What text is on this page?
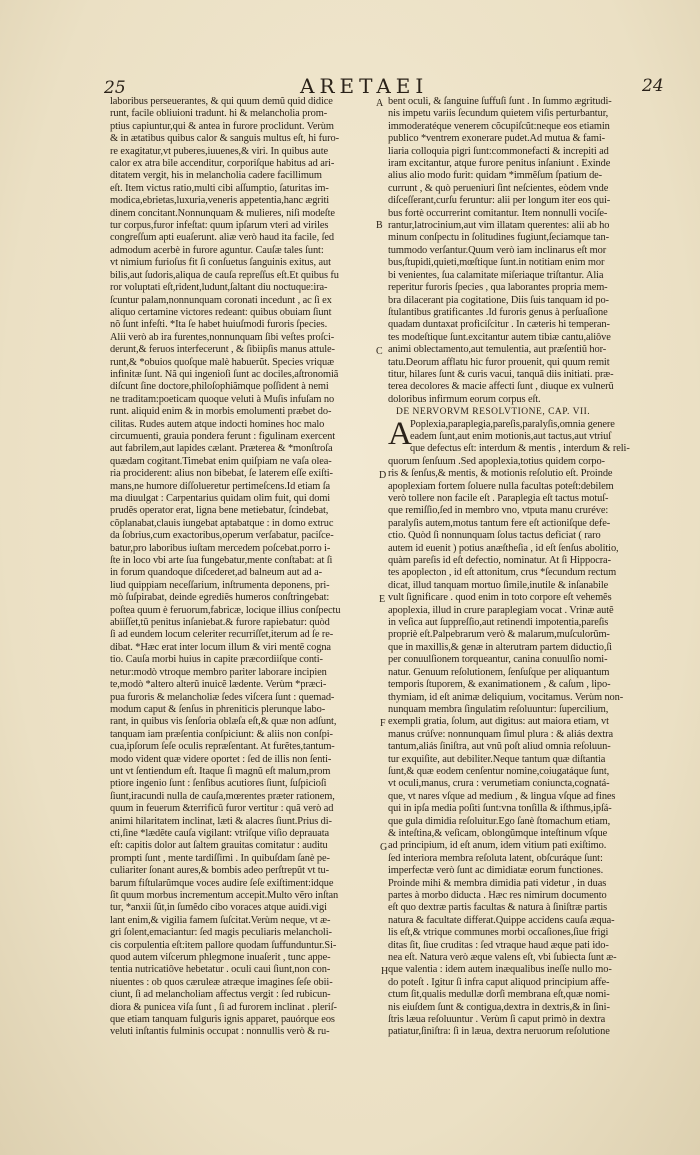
25	ARETAEI	24
laboribus perseuerantes, & qui quum demũ quid didice
runt, facile obliuioni tradunt. hi & melancholia prom-
ptius capiuntur,qui & antea in furore proclidunt. Verùm
& in ætatibus quibus calor & sanguis multus eſt, hi furo-
re exagitatur,vt puberes,iuuenes,& viri. In quibus aute
calor ex atra bile accenditur, corporiſque habitus ad ari-
ditatem vergit, his in melancholia cadere facillimum
eſt. Item victus ratio,multi cibi aſſumptio, ſaturitas im-
modica,ebrietas,luxuria,veneris appetentia,hanc ægriti
dinem concitant.Nonnunquam & mulieres, niſi modeſte
tur corpus,furor infeſtat: quum ipſarum vteri ad viriles
congreſſum apti euaſerunt. aliæ verò haud ita facile, ſed
admodum acerbè in furore aguntur. Cauſæ tales ſunt:
vt nimium furioſus fit ſi conſuetus ſanguinis exitus, aut
bilis,aut ſudoris,aliqua de cauſa repreſſus eſt.Et quibus fu
ror voluptati eſt,rident,ludunt,ſaltant diu noctuque:ira-
ſcuntur palam,nonnunquam coronati incedunt , ac ſi ex
aliquo certamine victores redeant: quibus obuiam ſiunt
nõ ſunt infeſti. *Ita ſe habet huiuſmodi furoris ſpecies.
Alii verò ab ira furentes,nonnunquam ſibi veſtes proſci-
derunt,& feruos interfecerunt , & ſibiipſis manus attule-
runt,& *obuios quoſque malè habuerũt. Species vriquæ
infinitæ ſunt. Nã qui ingenioſi ſunt ac dociles,aſtronomiã
diſcunt ſine doctore,philoſophiãmque poſſident à nemi
ne traditam:poeticam quoque veluti à Muſis infuſam no
runt. aliquid enim & in morbis emolumenti præbet do-
cilitas. Rudes autem atque indocti homines hoc malo
circumuenti, grauia pondera ferunt : figulinam exercent
aut fabrilem,aut lapides cælant. Præterea & *monſtroſa
quædam cogitant.Timebat enim quiſpiam ne vaſa olea-
ria prociderent: alius non bibebat, ſe laterem eſſe exiſti-
mans,ne humore diſſolueretur pertimeſcens.Id etiam ſa
ma diuulgat : Carpentarius quidam olim fuit, qui domi
prudẽs operator erat, ligna bene metiebatur, ſcindebat,
cõplanabat,clauis iungebat aptabatque : in domo extruc
da ſobrius,cum exactoribus,operum verſabatur, paciſce-
batur,pro laboribus iuſtam mercedem poſcebat.porro i-
ſte in loco vbi arte ſua fungebatur,mente conſtabat: at ſi
in forum quandoque diſcederet,ad balneum aut ad a-
liud quippiam neceſſarium, inſtrumenta deponens, pri-
mò ſuſpirabat, deinde egrediẽs humeros conſtringebat:
poſtea quum è feruorum,fabricæ, locique illius conſpectu
abiiſſet,tũ penitus inſaniebat.& furore rapiebatur: quòd
ſi ad eundem locum celeriter recurriſſet,iterum ad ſe re-
dibat. *Hæc erat inter locum illum & viri mentẽ cogna
tio. Cauſa morbi huius in capite præcordiiſque conti-
netur:modò vtroque membro pariter laborare incipien
te,modò *altero alterũ inuicẽ lædente. Verùm *præci-
pua furoris & melancholiæ ſedes viſcera ſunt : quemad-
modum caput & ſenſus in phreniticis plerunque labo-
rant, in quibus vis ſenſoria oblæſa eſt,& quæ non adſunt,
tanquam iam præſentia conſpiciunt: & aliis non conſpi-
cua,ipſorum ſeſe oculis repræſentant. At furẽtes,tantum-
modo vident quæ videre oportet : ſed de illis non ſenti-
unt vt ſentiendum eſt. Itaque ſi magnũ eſt malum,prom
ptiore ingenio ſunt : ſenſibus acutiores ſiunt, ſuſpicioſi
ſiunt,iracundi nulla de cauſa,mœrentes præter rationem,
quum in feuerum &terrificũ furor vertitur : quã verò ad
animi hilaritatem inclinat, læti & alacres ſiunt.Prius di-
cti,ſine *lædẽte cauſa vigilant: vtriſque viſio deprauata
eſt: capitis dolor aut ſaltem grauitas comitatur : auditu
prompti ſunt , mente tardiſſimi . In quibuſdam ſanè pe-
culiariter ſonant aures,& bombis adeo perſtrepũt vt tu-
barum fiſtularũmque voces audire ſeſe exiſtiment:idque
ſit quum morbus incrementum accepit.Multo vẽro inſtan
tur, *anxii ſũt,in ſumẽdo cibo voraces atque auidi.vigi
lant enim,& vigilia famem ſuſcitat.Verùm neque, vt æ-
gri ſolent,emaciantur: ſed magis peculiaris melancholi-
cis corpulentia eſt:item pallore quodam ſuffunduntur.Si-
quod autem viſcerum phlegmone inuaſerit , tunc appe-
tentia nutricatiôve hebetatur . oculi caui ſiunt,non con-
niuentes : ob quos cæruleæ atræque imagines ſeſe obii-
ciunt, ſi ad melancholiam affectus vergit : ſed rubicun-
diora & punicea viſa ſunt , ſi ad furorem inclinat . pleriſ-
que etiam tanquam fulguris ignis apparet, pauórque eos
veluti inſtantis fulminis occupat : nonnullis verò & ru-
bent oculi, & ſanguine ſuffuſi ſunt . In ſummo ægritudi-
nis impetu variis ſecundum quietem viſis perturbantur,
immoderatéque venerem cõcupiſcũt:neque eos etiamin
publico *ventrem exonerare pudet.Ad mutua & fami-
liaria colloquia pigri ſunt:commonefacti & increpiti ad
iram excitantur, atque furore penitus inſaniunt . Exinde
alius alio modo furit: quidam *immẽſum ſpatium de-
currunt , & quò perueniuri ſint neſcientes, eòdem vnde
diſceſſerant,curſu feruntur: alii per longum iter eos qui-
bus fortè occurrerint comitantur. Item nonnulli vociſe-
rantur,latrocinium,aut vim illatam querentes: alii ab ho
minum conſpectu in ſolitudines fugiunt,ſeciamque tan-
tummodo verſantur.Quum verò iam inclinarus eſt mor
bus,ſtupidi,quieti,mœſtique ſunt.in notitiam enim mor
bi venientes, ſua calamitate miſeriaque triſtantur. Alia
reperitur furoris ſpecies , qua laborantes propria mem-
bra dilacerant pia cogitatione, Diis ſuis tanquam id po-
ſtulantibus gratificantes .Id furoris genus à perſuaſione
quadam duntaxat proficiſcitur . In cæteris hi temperan-
tes modeſtique ſunt.excitantur autem tibiæ cantu,aliôve
animi oblectamento,aut temulentia, aut præſentiũ hor-
tatu.Deorum afflatu hic furor prouenit, qui quum remit
titur, hilares ſunt & curis vacui, tanquã diis initiati. præ-
terea decolores & macie affecti ſunt , diuque ex vulnerũ
doloribus infirmum eorum corpus eſt.
DE NERVORVM RESOLVTIONE, CAP. VII.
A
Poplexia,paraplegia,pareſis,paralyſis,omnia genere
eadem ſunt,aut enim motionis,aut tactus,aut vtriuſ
que defectus eſt: interdum & mentis , interdum & reli-
quorum ſenſuum .Sed apoplexia,totius quidem corpo-
ris & ſenſus,& mentis, & motionis reſolutio eſt. Proinde
apoplexiam fortem ſoluere nulla facultas poteſt:debilem
verò tollere non facile eſt . Paraplegia eſt tactus motuſ-
que remiſſio,ſed in membro vno, vtputa manu cruréve:
paralyſis autem,motus tantum fere eſt actioniſque defe-
ctio. Quòd ſi nonnunquam ſolus tactus deficiat ( raro
autem id euenit ) potius anæſtheſia , id eſt ſenſus abolitio,
quàm pareſis id eſt defectio, nominatur. At ſi Hippocra-
tes apoplecton , id eſt attonitum, crus *ſecundum rectum
dicat, illud tanquam mortuo ſimile,inutile & inſanabile
vult ſignificare . quod enim in toto corpore eſt vehemẽs
apoplexia, illud in crure paraplegiam vocat . Vrinæ autẽ
in veſica aut ſuppreſſio,aut retinendi impotentia,pareſis
propriè eſt.Palpebrarum verò & malarum,muſculorũm-
que in maxillis,& genæ in alterutram partem diductio,ſi
per conuulſionem torqueantur, canina conuulſio nomi-
natur. Genuum reſolutionem, ſenſuſque per aliquantum
temporis ſtuporem, & exanimationem , & caſum , lipo-
thymiam, id eſt animæ deliquium, vocitamus. Verùm non-
nunquam membra ſingulatim reſoluuntur: ſupercilium,
exempli gratia, ſolum, aut digitus: aut maiora etiam, vt
manus crúſve: nonnunquam ſimul plura : & aliás dextra
tantum,aliás ſiniſtra, aut vnũ poſt aliud omnia reſoluun-
tur exquiſite, aut debiliter.Neque tantum quæ diſtantia
ſunt,& quæ eodem cenſentur nomine,coiugatáque ſunt,
vt oculi,manus, crura : verumetiam coniuncta,cognatá-
que, vt nares vſque ad medium , & lingua vſque ad fines
qui in ipſa media poſiti ſunt:vna tonſilla & iſthmus,ipſá-
que gula dimidia reſoluitur.Ego ſanè ſtomachum etiam,
& inteſtina,& veſicam, oblongũmque inteſtinum vſque
ad principium, id eſt anum, idem vitium pati exiſtimo.
ſed interiora membra reſoluta latent, obſcuráque ſunt:
imperfectæ verò ſunt ac dimidiatæ eorum functiones.
Proinde mihi & membra dimidia pati videtur , in duas
partes à morbo diducta . Hæc res nimirum documento
eſt quo dextræ partis facultas & natura à ſiniſtræ partis
natura & facultate differat.Quippe accidens cauſa æqua-
lis eſt,& vtrique communes morbi occaſiones,ſiue frigi
ditas ſit, ſiue cruditas : ſed vtraque haud æque pati ido-
nea eſt. Natura verò æque valens eſt, vbi ſubiecta ſunt æ-
que valentia : idem autem inæqualibus ineſſe nullo mo-
do poteſt . Igitur ſi infra caput aliquod principium affe-
ctum ſit,qualis medullæ dorſi membrana eſt,quæ nomi-
nis eiuſdem ſunt & contigua,dextra in dextris,& in ſini-
ſtris læua reſoluuntur . Verùm ſi caput primò in dextra
patiatur,ſiniſtra: ſi in læua, dextra neruorum reſolutione
A
B
C
D
E
F
G
H
